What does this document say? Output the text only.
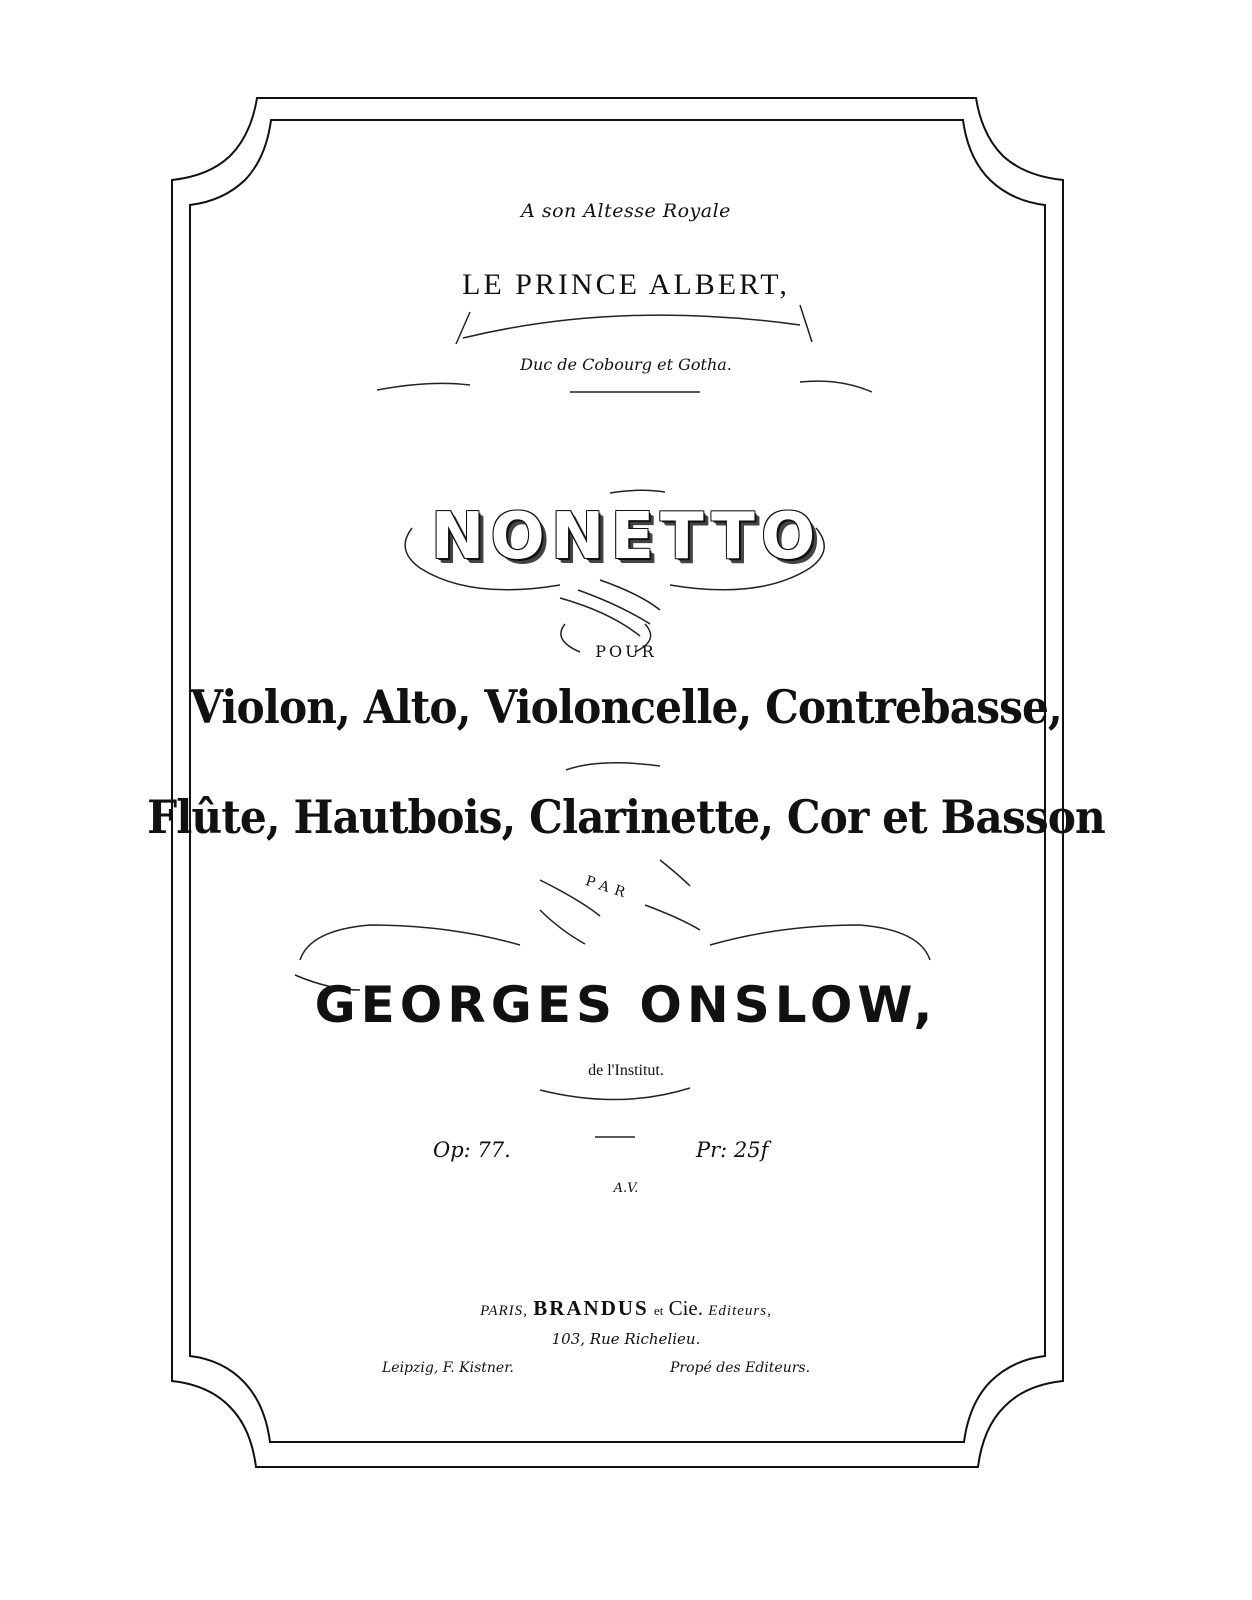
A son Altesse Royale
LE PRINCE ALBERT,
Duc de Cobourg et Gotha.
NONETTO
POUR
Violon, Alto, Violoncelle, Contrebasse,
Flûte, Hautbois, Clarinette, Cor et Basson
PAR
GEORGES ONSLOW,
de l'Institut.
Op: 77.	Pr: 25f
A.V.
PARIS, BRANDUS et Cie. Editeurs,
103, Rue Richelieu.
Leipzig, F. Kistner.	Propé des Editeurs.
